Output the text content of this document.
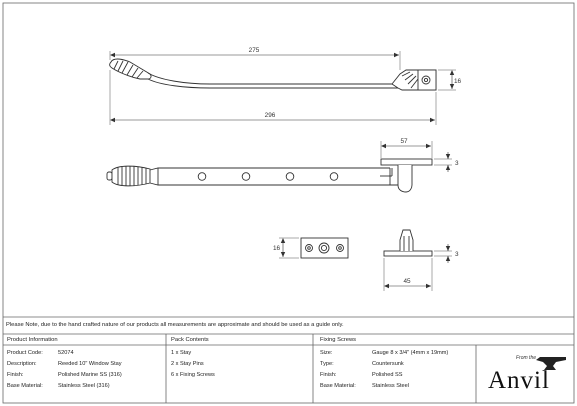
275
296
16
57
3
16
3
45
Please Note, due to the hand crafted nature of our products all measurements are approximate and should be used as a guide only.
Product Information	Pack Contents	Fixing Screws
Product Code:	52074
Description:	Reeded 10" Window Stay
Finish:	Polished Marine SS (316)
Base Material:	Stainless Steel (316)
1 x Stay
2 x Stay Pins
6 x Fixing Screws
Size:	Gauge 8 x 3/4" (4mm x 19mm)
Type:	Countersunk
Finish:	Polished SS
Base Material:	Stainless Steel
From the
Anvil
